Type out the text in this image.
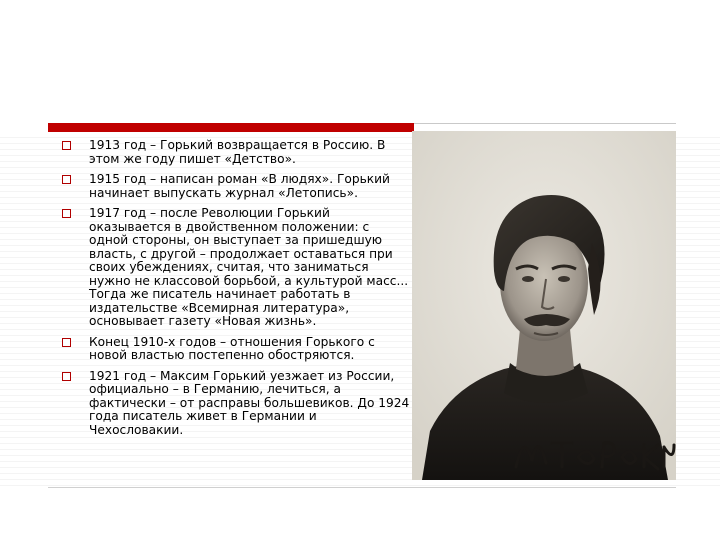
1913 год – Горький возвращается в Россию. В этом же году пишет «Детство».
1915 год – написан роман «В людях». Горький начинает выпускать журнал «Летопись».
1917 год – после Революции Горький оказывается в двойственном положении: с одной стороны, он выступает за пришедшую власть, с другой – продолжает оставаться при своих убеждениях, считая, что заниматься нужно не классовой борьбой, а культурой масс... Тогда же писатель начинает работать в издательстве «Всемирная литература», основывает газету «Новая жизнь».
Конец 1910-х годов – отношения Горького с новой властью постепенно обостряются.
1921 год – Максим Горький уезжает из России, официально – в Германию, лечиться, а фактически – от расправы большевиков. До 1924 года писатель живет в Германии и Чехословакии.
